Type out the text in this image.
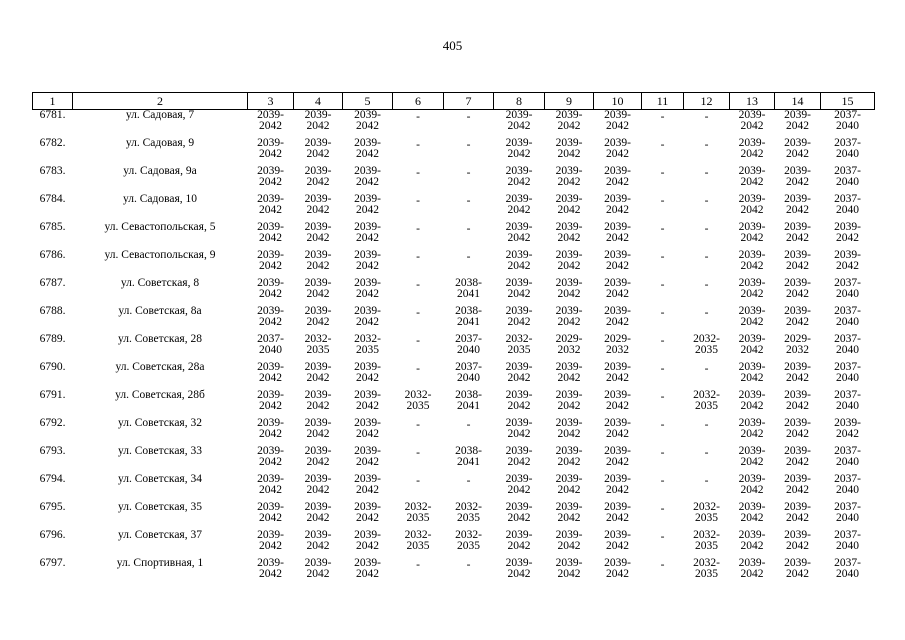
405
1	2	3	4	5	6	7	8	9	10	11	12	13	14	15
6781.	ул. Садовая, 7	2039-
2042	2039-
2042	2039-
2042	-	-	2039-
2042	2039-
2042	2039-
2042	-	-	2039-
2042	2039-
2042	2037-
2040

6782.	ул. Садовая, 9	2039-
2042	2039-
2042	2039-
2042	-	-	2039-
2042	2039-
2042	2039-
2042	-	-	2039-
2042	2039-
2042	2037-
2040

6783.	ул. Садовая, 9а	2039-
2042	2039-
2042	2039-
2042	-	-	2039-
2042	2039-
2042	2039-
2042	-	-	2039-
2042	2039-
2042	2037-
2040

6784.	ул. Садовая, 10	2039-
2042	2039-
2042	2039-
2042	-	-	2039-
2042	2039-
2042	2039-
2042	-	-	2039-
2042	2039-
2042	2037-
2040

6785.	ул. Севастопольская, 5	2039-
2042	2039-
2042	2039-
2042	-	-	2039-
2042	2039-
2042	2039-
2042	-	-	2039-
2042	2039-
2042	2039-
2042

6786.	ул. Севастопольская, 9	2039-
2042	2039-
2042	2039-
2042	-	-	2039-
2042	2039-
2042	2039-
2042	-	-	2039-
2042	2039-
2042	2039-
2042

6787.	ул. Советская, 8	2039-
2042	2039-
2042	2039-
2042	-	2038-
2041	2039-
2042	2039-
2042	2039-
2042	-	-	2039-
2042	2039-
2042	2037-
2040

6788.	ул. Советская, 8а	2039-
2042	2039-
2042	2039-
2042	-	2038-
2041	2039-
2042	2039-
2042	2039-
2042	-	-	2039-
2042	2039-
2042	2037-
2040

6789.	ул. Советская, 28	2037-
2040	2032-
2035	2032-
2035	-	2037-
2040	2032-
2035	2029-
2032	2029-
2032	-	2032-
2035	2039-
2042	2029-
2032	2037-
2040

6790.	ул. Советская, 28а	2039-
2042	2039-
2042	2039-
2042	-	2037-
2040	2039-
2042	2039-
2042	2039-
2042	-	-	2039-
2042	2039-
2042	2037-
2040

6791.	ул. Советская, 28б	2039-
2042	2039-
2042	2039-
2042	2032-
2035	2038-
2041	2039-
2042	2039-
2042	2039-
2042	-	2032-
2035	2039-
2042	2039-
2042	2037-
2040

6792.	ул. Советская, 32	2039-
2042	2039-
2042	2039-
2042	-	-	2039-
2042	2039-
2042	2039-
2042	-	-	2039-
2042	2039-
2042	2039-
2042

6793.	ул. Советская, 33	2039-
2042	2039-
2042	2039-
2042	-	2038-
2041	2039-
2042	2039-
2042	2039-
2042	-	-	2039-
2042	2039-
2042	2037-
2040

6794.	ул. Советская, 34	2039-
2042	2039-
2042	2039-
2042	-	-	2039-
2042	2039-
2042	2039-
2042	-	-	2039-
2042	2039-
2042	2037-
2040

6795.	ул. Советская, 35	2039-
2042	2039-
2042	2039-
2042	2032-
2035	2032-
2035	2039-
2042	2039-
2042	2039-
2042	-	2032-
2035	2039-
2042	2039-
2042	2037-
2040

6796.	ул. Советская, 37	2039-
2042	2039-
2042	2039-
2042	2032-
2035	2032-
2035	2039-
2042	2039-
2042	2039-
2042	-	2032-
2035	2039-
2042	2039-
2042	2037-
2040

6797.	ул. Спортивная, 1	2039-
2042	2039-
2042	2039-
2042	-	-	2039-
2042	2039-
2042	2039-
2042	-	2032-
2035	2039-
2042	2039-
2042	2037-
2040
